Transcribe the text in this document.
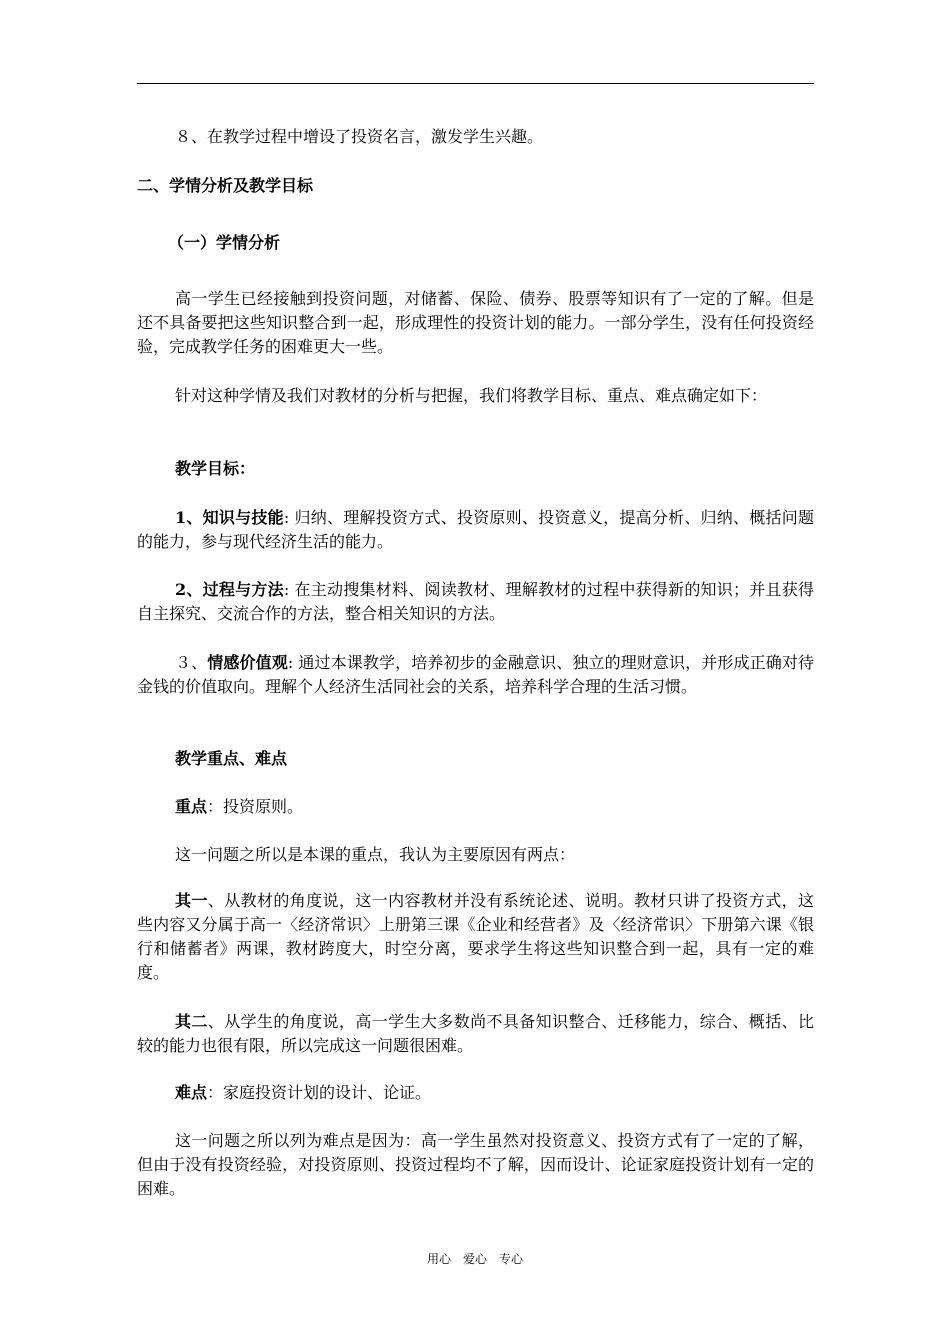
８、在教学过程中增设了投资名言，激发学生兴趣。
二、学情分析及教学目标
（一）学情分析
高一学生已经接触到投资问题，对储蓄、保险、债券、股票等知识有了一定的了解。但是还不具备要把这些知识整合到一起，形成理性的投资计划的能力。一部分学生，没有任何投资经验，完成教学任务的困难更大一些。
针对这种学情及我们对教材的分析与把握，我们将教学目标、重点、难点确定如下：
教学目标：
1、知识与技能: 归纳、理解投资方式、投资原则、投资意义，提高分析、归纳、概括问题的能力，参与现代经济生活的能力。
2、过程与方法: 在主动搜集材料、阅读教材、理解教材的过程中获得新的知识；并且获得自主探究、交流合作的方法，整合相关知识的方法。
３、情感价值观: 通过本课教学，培养初步的金融意识、独立的理财意识，并形成正确对待金钱的价值取向。理解个人经济生活同社会的关系，培养科学合理的生活习惯。
教学重点、难点
重点：投资原则。
这一问题之所以是本课的重点，我认为主要原因有两点：
其一、从教材的角度说，这一内容教材并没有系统论述、说明。教材只讲了投资方式，这些内容又分属于高一〈经济常识〉上册第三课《企业和经营者》及〈经济常识〉下册第六课《银行和储蓄者》两课，教材跨度大，时空分离，要求学生将这些知识整合到一起，具有一定的难度。
其二、从学生的角度说，高一学生大多数尚不具备知识整合、迁移能力，综合、概括、比较的能力也很有限，所以完成这一问题很困难。
难点：家庭投资计划的设计、论证。
这一问题之所以列为难点是因为：高一学生虽然对投资意义、投资方式有了一定的了解，但由于没有投资经验，对投资原则、投资过程均不了解，因而设计、论证家庭投资计划有一定的困难。
用心　爱心　专心
